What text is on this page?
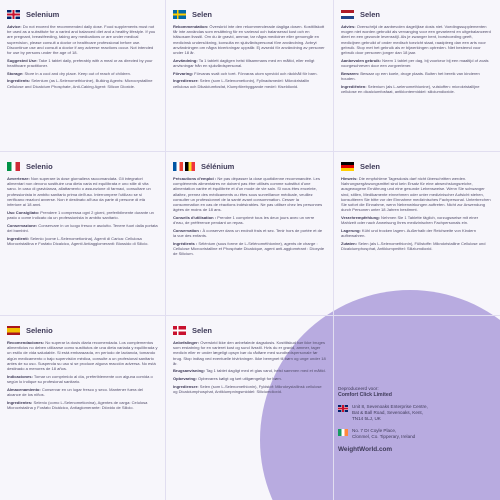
Selenium

Advice: Do not exceed the recommended daily dose. Food supplements must not be used as a substitute for a varied and balanced diet and a healthy lifestyle. If you are pregnant, breastfeeding, taking any medications or are under medical supervision, please consult a doctor or healthcare professional before use. Discontinue use and consult a doctor if any adverse reactions occur. Not intended for use by persons under the age of 18.

Suggested Use: Take 1 tablet daily, preferably with a meal or as directed by your healthcare practitioner.

Storage: Store in a cool and dry place. Keep out of reach of children.

Ingredients: Selenium (as L-Selenomethionine), Bulking Agents: Microcrystalline Cellulose and Dicalcium Phosphate, Anti-Caking Agent: Silicon Dioxide.

Selen

Rekommendation: Överskrid inte den rekommenderade dagliga dosen. Kosttillskott får inte användas som ersättning för en varierad och balanserad kost och en hälsosam livsstil. Om du är gravid, ammar, tar några mediciner eller genomgår en medicinsk undersökning, konsulta en sjukvårdspersonal före användning. Avbryt användningen om några biverkningar uppstår. Ej avsedd för användning av personer under 18 år.

Användning: Ta 1 tablett dagligen helst tillsammans med en måltid, eller enligt anvisningar från en sjukvårdspersonal.

Förvaring: Förvaras svalt och torrt. Förvaras utom synvidd och räckhåll för barn.

Ingredienser: Selen (som L-Selenometionin), Fyllnadsmedel: Mikrokristallin cellulosa och Dikalciumfosfat, Klumpförebyggande medel: Kiseldioxid.

Selen

Advies: Overschrijd de aanbevolen dagelijkse dosis niet. Voedingssupplementen mogen niet worden gebruikt als vervanging voor een gevarieerd en uitgebalanceerd dieet en een gezonde levensstijl. Als je zwanger bent, borstvoeding geeft, medicijnen gebruikt of onder medisch toezicht staat, raadpleeg dan een arts voor gebruik. Stop met het gebruik als er bijwerkingen optreden. Niet bestemd voor gebruik door personen jonger dan 18 jaar.

Aanbevolen gebruik: Neem 1 tablet per dag, bij voorkeur bij een maaltijd of zoals voorgeschreven door een zorgverlener.

Bewaren: Bewaar op een koele, droge plaats. Buiten het bereik van kinderen houden.

Ingrediënten: Selenium (als L-selenomethionine), vulstoffen: microkristallijne cellulose en dicalciumfosfaat, antiklontermiddel: siliciumdioxide.

Selenio

Avvertenze: Non superare la dose giornaliera raccomandata. Gli integratori alimentari non devono sostituire una dieta varia ed equilibrata e uno stile di vita sano. In caso di gravidanza, allattamento o assunzione di farmaci, consultare un professionista in ambito sanitario prima dell'uso. Interrompere l'utilizzo se si verificano reazioni avverse. Non è destinato all'uso da parte di persone di età inferiore ai 18 anni.

Uso Consigliato: Prendere 1 compressa ogni 2 giorni, preferibilmente durante un pasto o come indicato da un professionista in ambito sanitario.

Conservazione: Conservare in un luogo fresco e asciutto. Tenere fuori dalla portata dei bambini.

Ingredienti: Selenio (come L-Selenometionina), Agenti di Carica: Cellulosa Microcristallina e Fosfato Dicalcico, Agenti Antiagglomeranti: Biossido di Silicio.

Sélénium

Précautions d'emploi : Ne pas dépasser la dose quotidienne recommandée. Les compléments alimentaires ne doivent pas être utilisés comme substitut d'une alimentation variée et équilibrée et d'un mode de vie sain. Si vous êtes enceinte, allaitez, prenez des médicaments ou êtes sous surveillance médicale, veuillez consulter un professionnel de la santé avant consommation. Cesser la consommation en cas de réactions indésirables. Ne pas utiliser chez les personnes âgées de moins de 18 ans.

Conseils d'utilisation : Prendre 1 comprimé tous les deux jours avec un verre d'eau, de préférence pendant un repas.

Conservation : À conserver dans un endroit frais et sec. Tenir hors de portée et de la vue des enfants.

Ingrédients : Sélénium (sous forme de L-Sélénométhionine), agents de charge : Cellulose Microcristalline et Phosphate Dicalcique, agent anti-agglomérant : Dioxyde de Silicium.

Selen

Hinweis: Die empfohlene Tagesdosis darf nicht überschritten werden. Nahrungsergänzungsmittel sind kein Ersatz für eine abwechslungsreiche, ausgewogene Ernährung und eine gesunde Lebensweise. Wenn Sie schwanger sind, stillen, Medikamente einnehmen oder unter medizinischer Aufsicht stehen, konsultieren Sie bitte vor der Einnahme medizinisches Fachpersonal. Unterbrechen Sie sofort die Einnahme, wenn Nebenwirkungen auftreten. Nicht zur Anwendung durch Personen unter 18 Jahren bestimmt.

Verzehrempfehlung: Nehmen Sie 1 Tablette täglich, vorzugsweise mit einer Mahlzeit oder nach Anweisung Ihres medizinischen Fachpersonals ein.

Lagerung: Kühl und trocken lagern. Außerhalb der Reichweite von Kindern aufbewahren.

Zutaten: Selen (als L-Selenomethionin), Füllstoffe: Mikrokristalline Cellulose und Dicalciumphosphat, Antiklumpmittel: Siliziumdioxid.

Selenio

Recomendaciones: No superar la dosis diaria recomendada. Los complementos alimenticios no deben utilizarse como sustitutos de una dieta variada y equilibrada y un estilo de vida saludable. Si está embarazada, en período de lactancia, tomando algún medicamento o bajo supervisión médica, consulte a un profesional sanitario antes de su uso. Suspenda su uso si se produce alguna reacción adversa. No está destinado a menores de 18 años.

Indicaciones: Tomar un comprimido al día, preferiblemente con alguna comida o según lo indique su profesional sanitario.

Almacenamiento: Conservar en un lugar fresco y seco. Mantener fuera del alcance de los niños.

Ingredientes: Selenio (como L-Selenometionina), Agentes de carga: Celulosa Microcristalina y Fosfato Dicálcico, Antiaglomerante: Dióxido de Silicio.

Selen

Anbefalinger: Overskrid ikke den anbefalede dagsdosis. Kosttilskud bør ikke bruges som erstatning for en varieret kost og sund livsstil. Hvis du er gravid, ammer, tager medicin eller er under lægeligt opsyn bør du rådføre med sundhedspersonale før brug. Stop indtag ved eventuelle bivirkninger. Ikke beregnet til børn og unge under 18 år.

Brugsanvisning: Tag 1 tablet dagligt med et glas vand, helst sammen med et måltid.

Opbevaring: Opbevares køligt og tørt utilgængeligt for børn.

Ingredienser: Selen (som L-Selenomethionin), Fyldstof: Mikrokrystallinsk cellulose og Dicalciumphosphat, Antiklumpningsmiddel: Siliciumdioxid.

Deproduceerd voor:
Comfort Click Limited
Unit 8, Sevenoaks Enterprise Centre,
Bat & Ball Road, Sevenoaks, Kent,
TN14 5LJ, UK
No. 7 Dr Coyle Place,
Clonmel, Co. Tipperary, Ireland
WeightWorld.com
